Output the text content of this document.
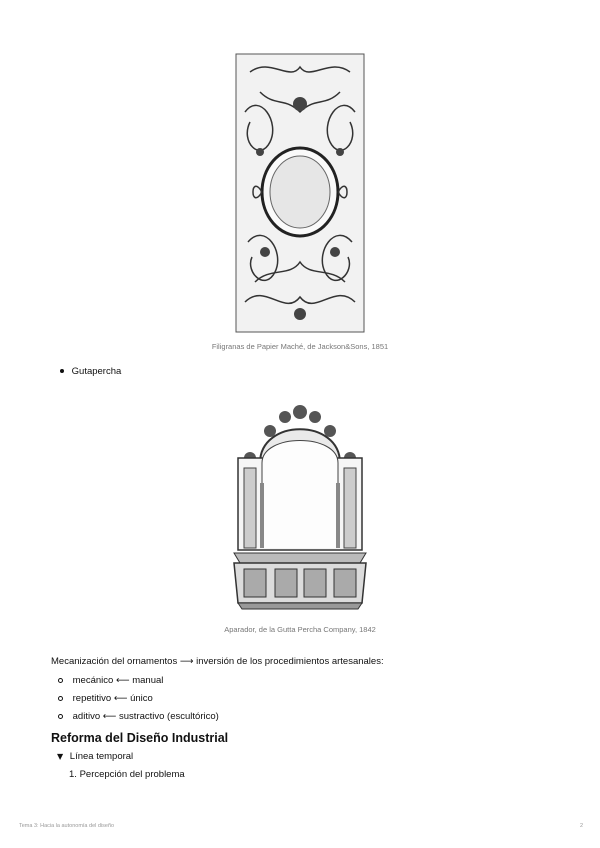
Filigranas de Papier Maché, de Jackson&Sons, 1851
Gutapercha
Aparador, de la Gutta Percha Company, 1842
Mecanización del ornamentos ⟶ inversión de los procedimientos artesanales:
mecánico ⟵ manual
repetitivo ⟵ único
aditivo ⟵ sustractivo (escultórico)
Reforma del Diseño Industrial
▼ Línea temporal
1. Percepción del problema
Tema 3: Hacia la autonomía del diseño	2
